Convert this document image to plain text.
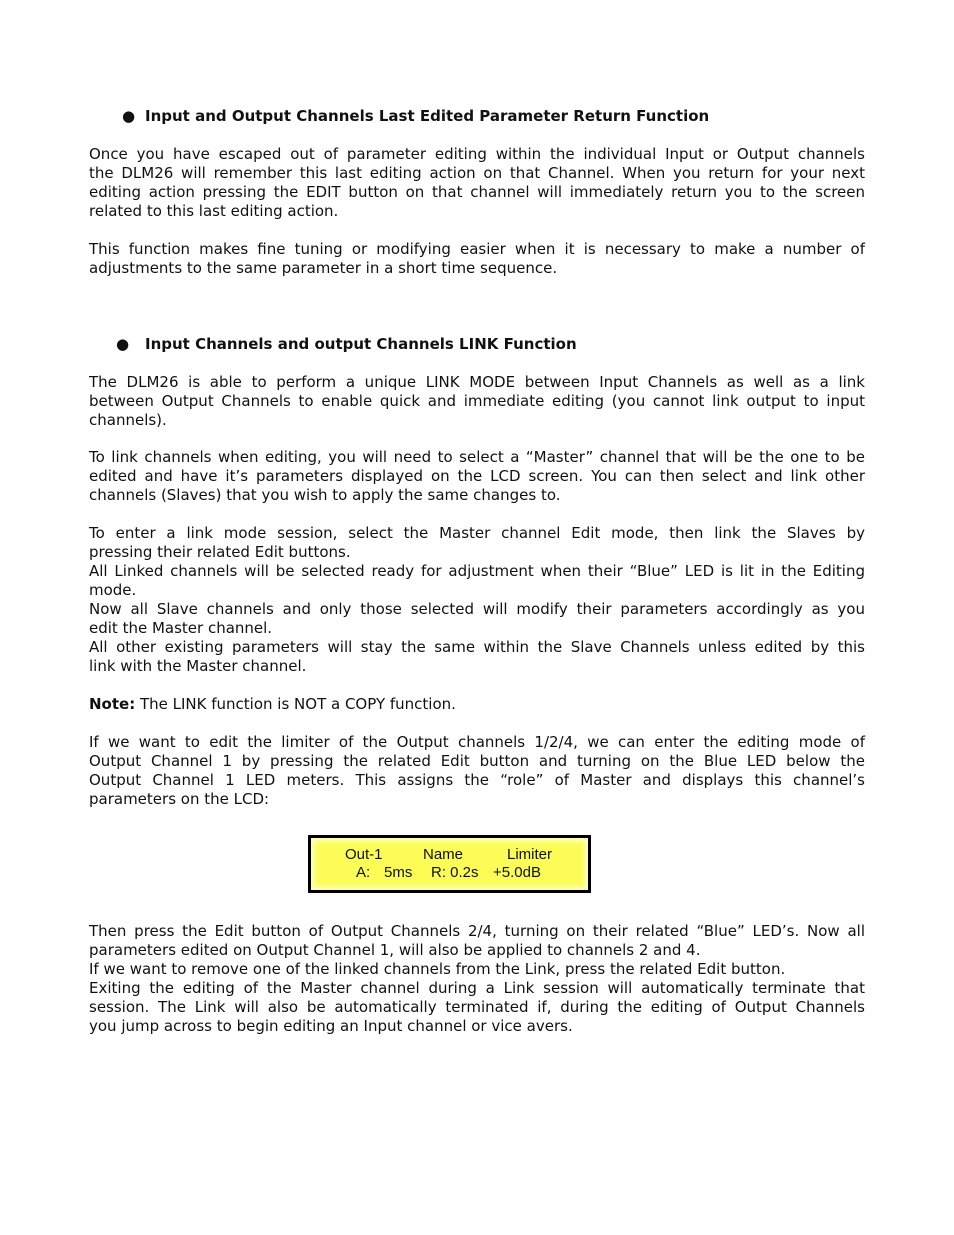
● Input and Output Channels Last Edited Parameter Return Function
Once you have escaped out of parameter editing within the individual Input or Output channels
the DLM26 will remember this last editing action on that Channel. When you return for your next
editing action pressing the EDIT button on that channel will immediately return you to the screen
related to this last editing action.
This function makes fine tuning or modifying easier when it is necessary to make a number of
adjustments to the same parameter in a short time sequence.
● Input Channels and output Channels LINK Function
The DLM26 is able to perform a unique LINK MODE between Input Channels as well as a link
between Output Channels to enable quick and immediate editing (you cannot link output to input
channels).
To link channels when editing, you will need to select a “Master” channel that will be the one to be
edited and have it’s parameters displayed on the LCD screen. You can then select and link other
channels (Slaves) that you wish to apply the same changes to.
To enter a link mode session, select the Master channel Edit mode, then link the Slaves by
pressing their related Edit buttons.
All Linked channels will be selected ready for adjustment when their “Blue” LED is lit in the Editing
mode.
Now all Slave channels and only those selected will modify their parameters accordingly as you
edit the Master channel.
All other existing parameters will stay the same within the Slave Channels unless edited by this
link with the Master channel.
Note: The LINK function is NOT a COPY function.
If we want to edit the limiter of the Output channels 1/2/4, we can enter the editing mode of
Output Channel 1 by pressing the related Edit button and turning on the Blue LED below the
Output Channel 1 LED meters. This assigns the “role” of Master and displays this channel’s
parameters on the LCD:
Out-1	Name	Limiter
A: 5ms R: 0.2s +5.0dB
Then press the Edit button of Output Channels 2/4, turning on their related “Blue” LED’s. Now all
parameters edited on Output Channel 1, will also be applied to channels 2 and 4.
If we want to remove one of the linked channels from the Link, press the related Edit button.
Exiting the editing of the Master channel during a Link session will automatically terminate that
session. The Link will also be automatically terminated if, during the editing of Output Channels
you jump across to begin editing an Input channel or vice avers.
